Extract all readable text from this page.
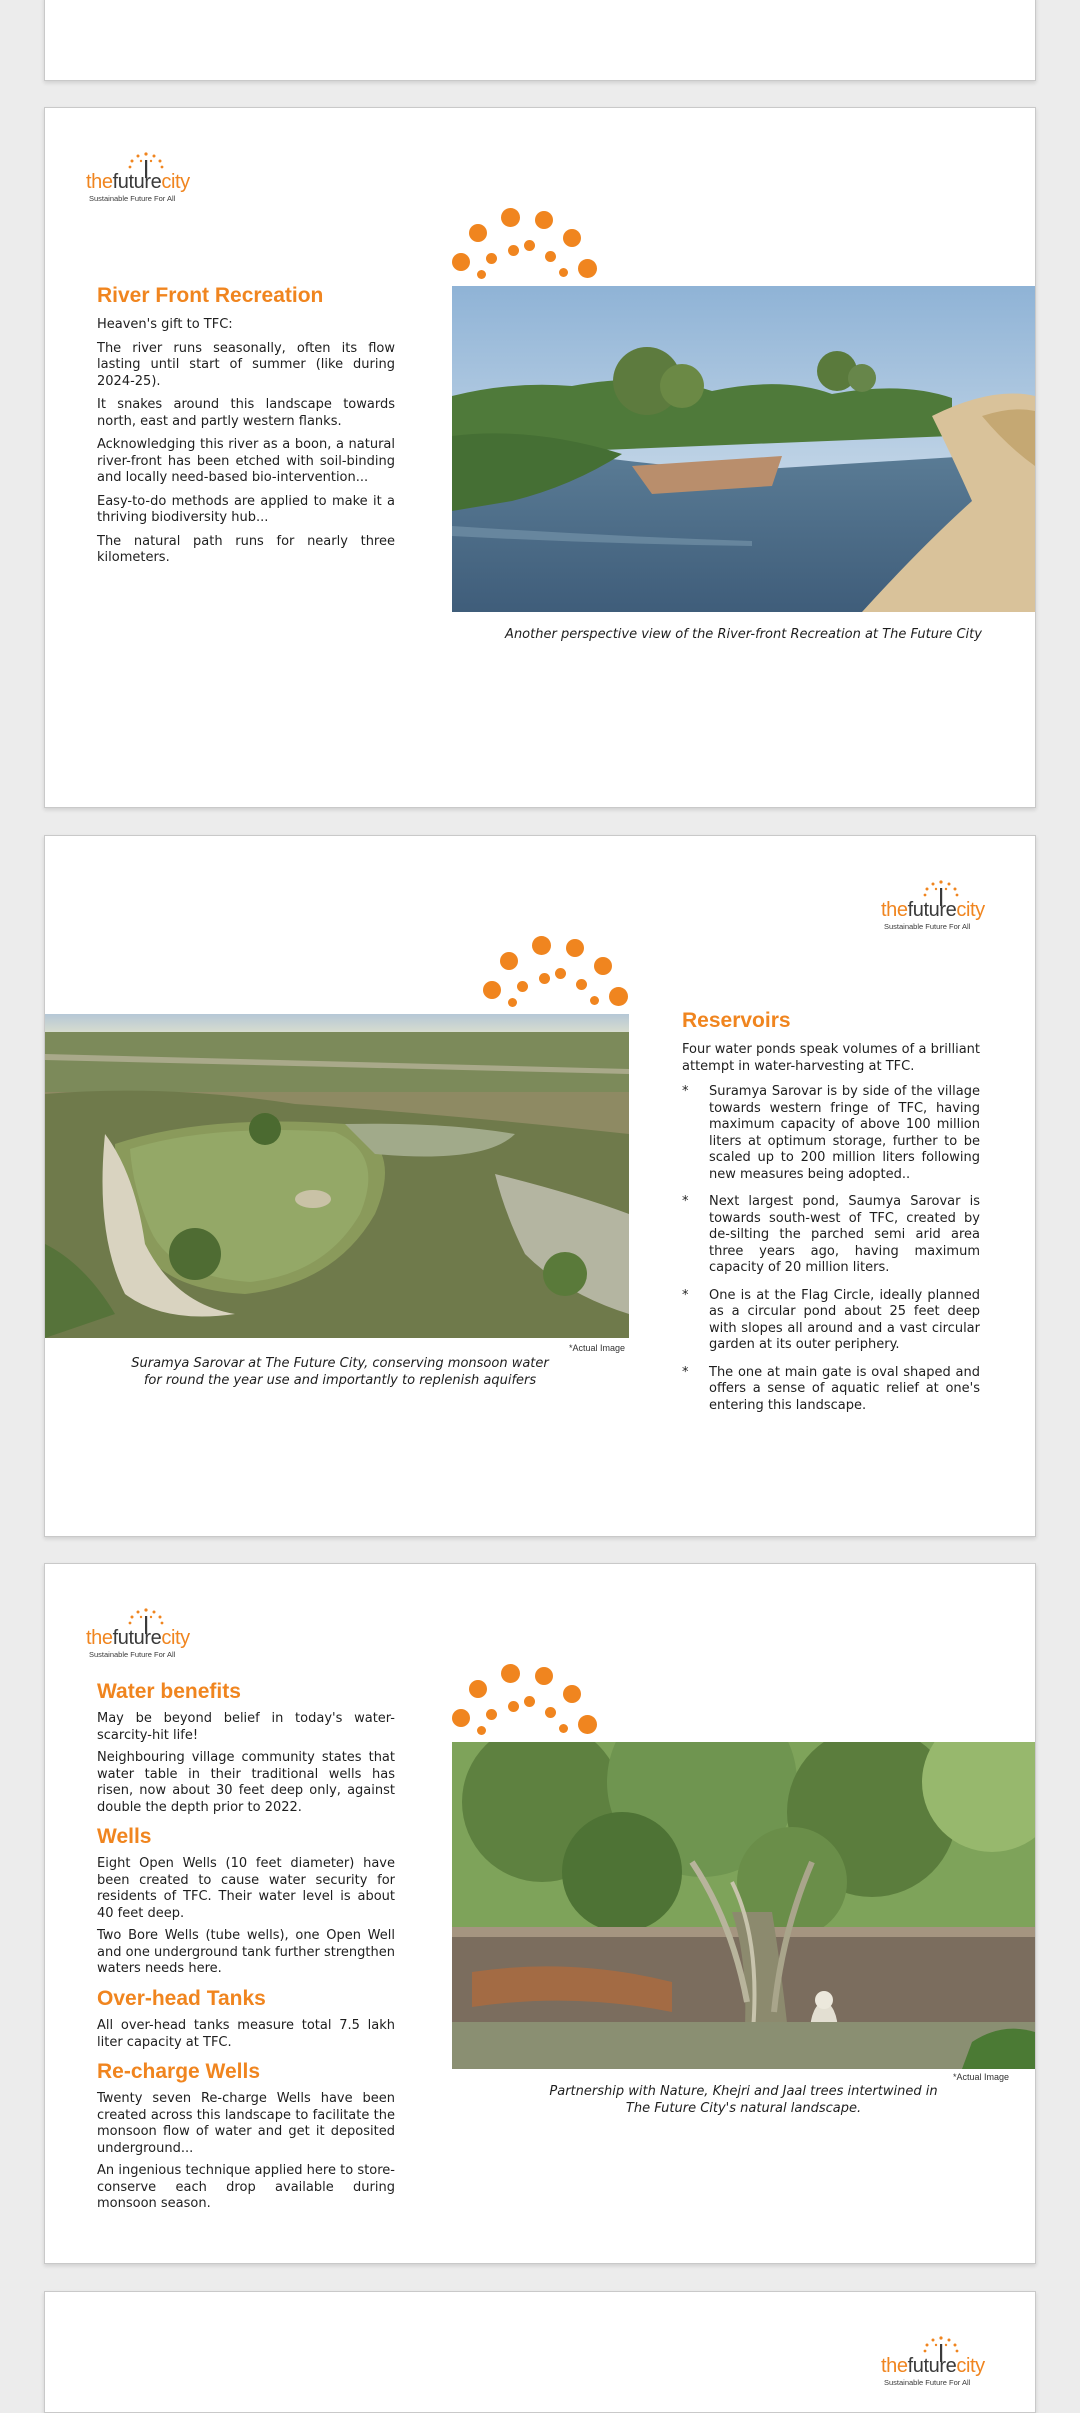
thefuturecity
Sustainable Future For All
River Front Recreation
Heaven's gift to TFC:
The river runs seasonally, often its flow lasting until start of summer (like during 2024-25).
It snakes around this landscape towards north, east and partly western flanks.
Acknowledging this river as a boon, a natural river-front has been etched with soil-binding and locally need-based bio-intervention...
Easy-to-do methods are applied to make it a thriving biodiversity hub...
The natural path runs for nearly three kilometers.
Another perspective view of the River-front Recreation at The Future City
thefuturecity
Sustainable Future For All
*Actual Image
Suramya Sarovar at The Future City, conserving monsoon water
for round the year use and importantly to replenish aquifers
Reservoirs
Four water ponds speak volumes of a brilliant attempt in water-harvesting at TFC.
* Suramya Sarovar is by side of the village towards western fringe of TFC, having maximum capacity of above 100 million liters at optimum storage, further to be scaled up to 200 million liters following new measures being adopted..
* Next largest pond, Saumya Sarovar is towards south-west of TFC, created by de-silting the parched semi arid area three years ago, having maximum capacity of 20 million liters.
* One is at the Flag Circle, ideally planned as a circular pond about 25 feet deep with slopes all around and a vast circular garden at its outer periphery.
* The one at main gate is oval shaped and offers a sense of aquatic relief at one's entering this landscape.
thefuturecity
Sustainable Future For All
Water benefits
May be beyond belief in today's water-scarcity-hit life!
Neighbouring village community states that water table in their traditional wells has risen, now about 30 feet deep only, against double the depth prior to 2022.
Wells
Eight Open Wells (10 feet diameter) have been created to cause water security for residents of TFC. Their water level is about 40 feet deep.
Two Bore Wells (tube wells), one Open Well and one underground tank further strengthen waters needs here.
Over-head Tanks
All over-head tanks measure total 7.5 lakh liter capacity at TFC.
Re-charge Wells
Twenty seven Re-charge Wells have been created across this landscape to facilitate the monsoon flow of water and get it deposited underground...
An ingenious technique applied here to store-conserve each drop available during monsoon season.
*Actual Image
Partnership with Nature, Khejri and Jaal trees intertwined in
The Future City's natural landscape.
thefuturecity
Sustainable Future For All
